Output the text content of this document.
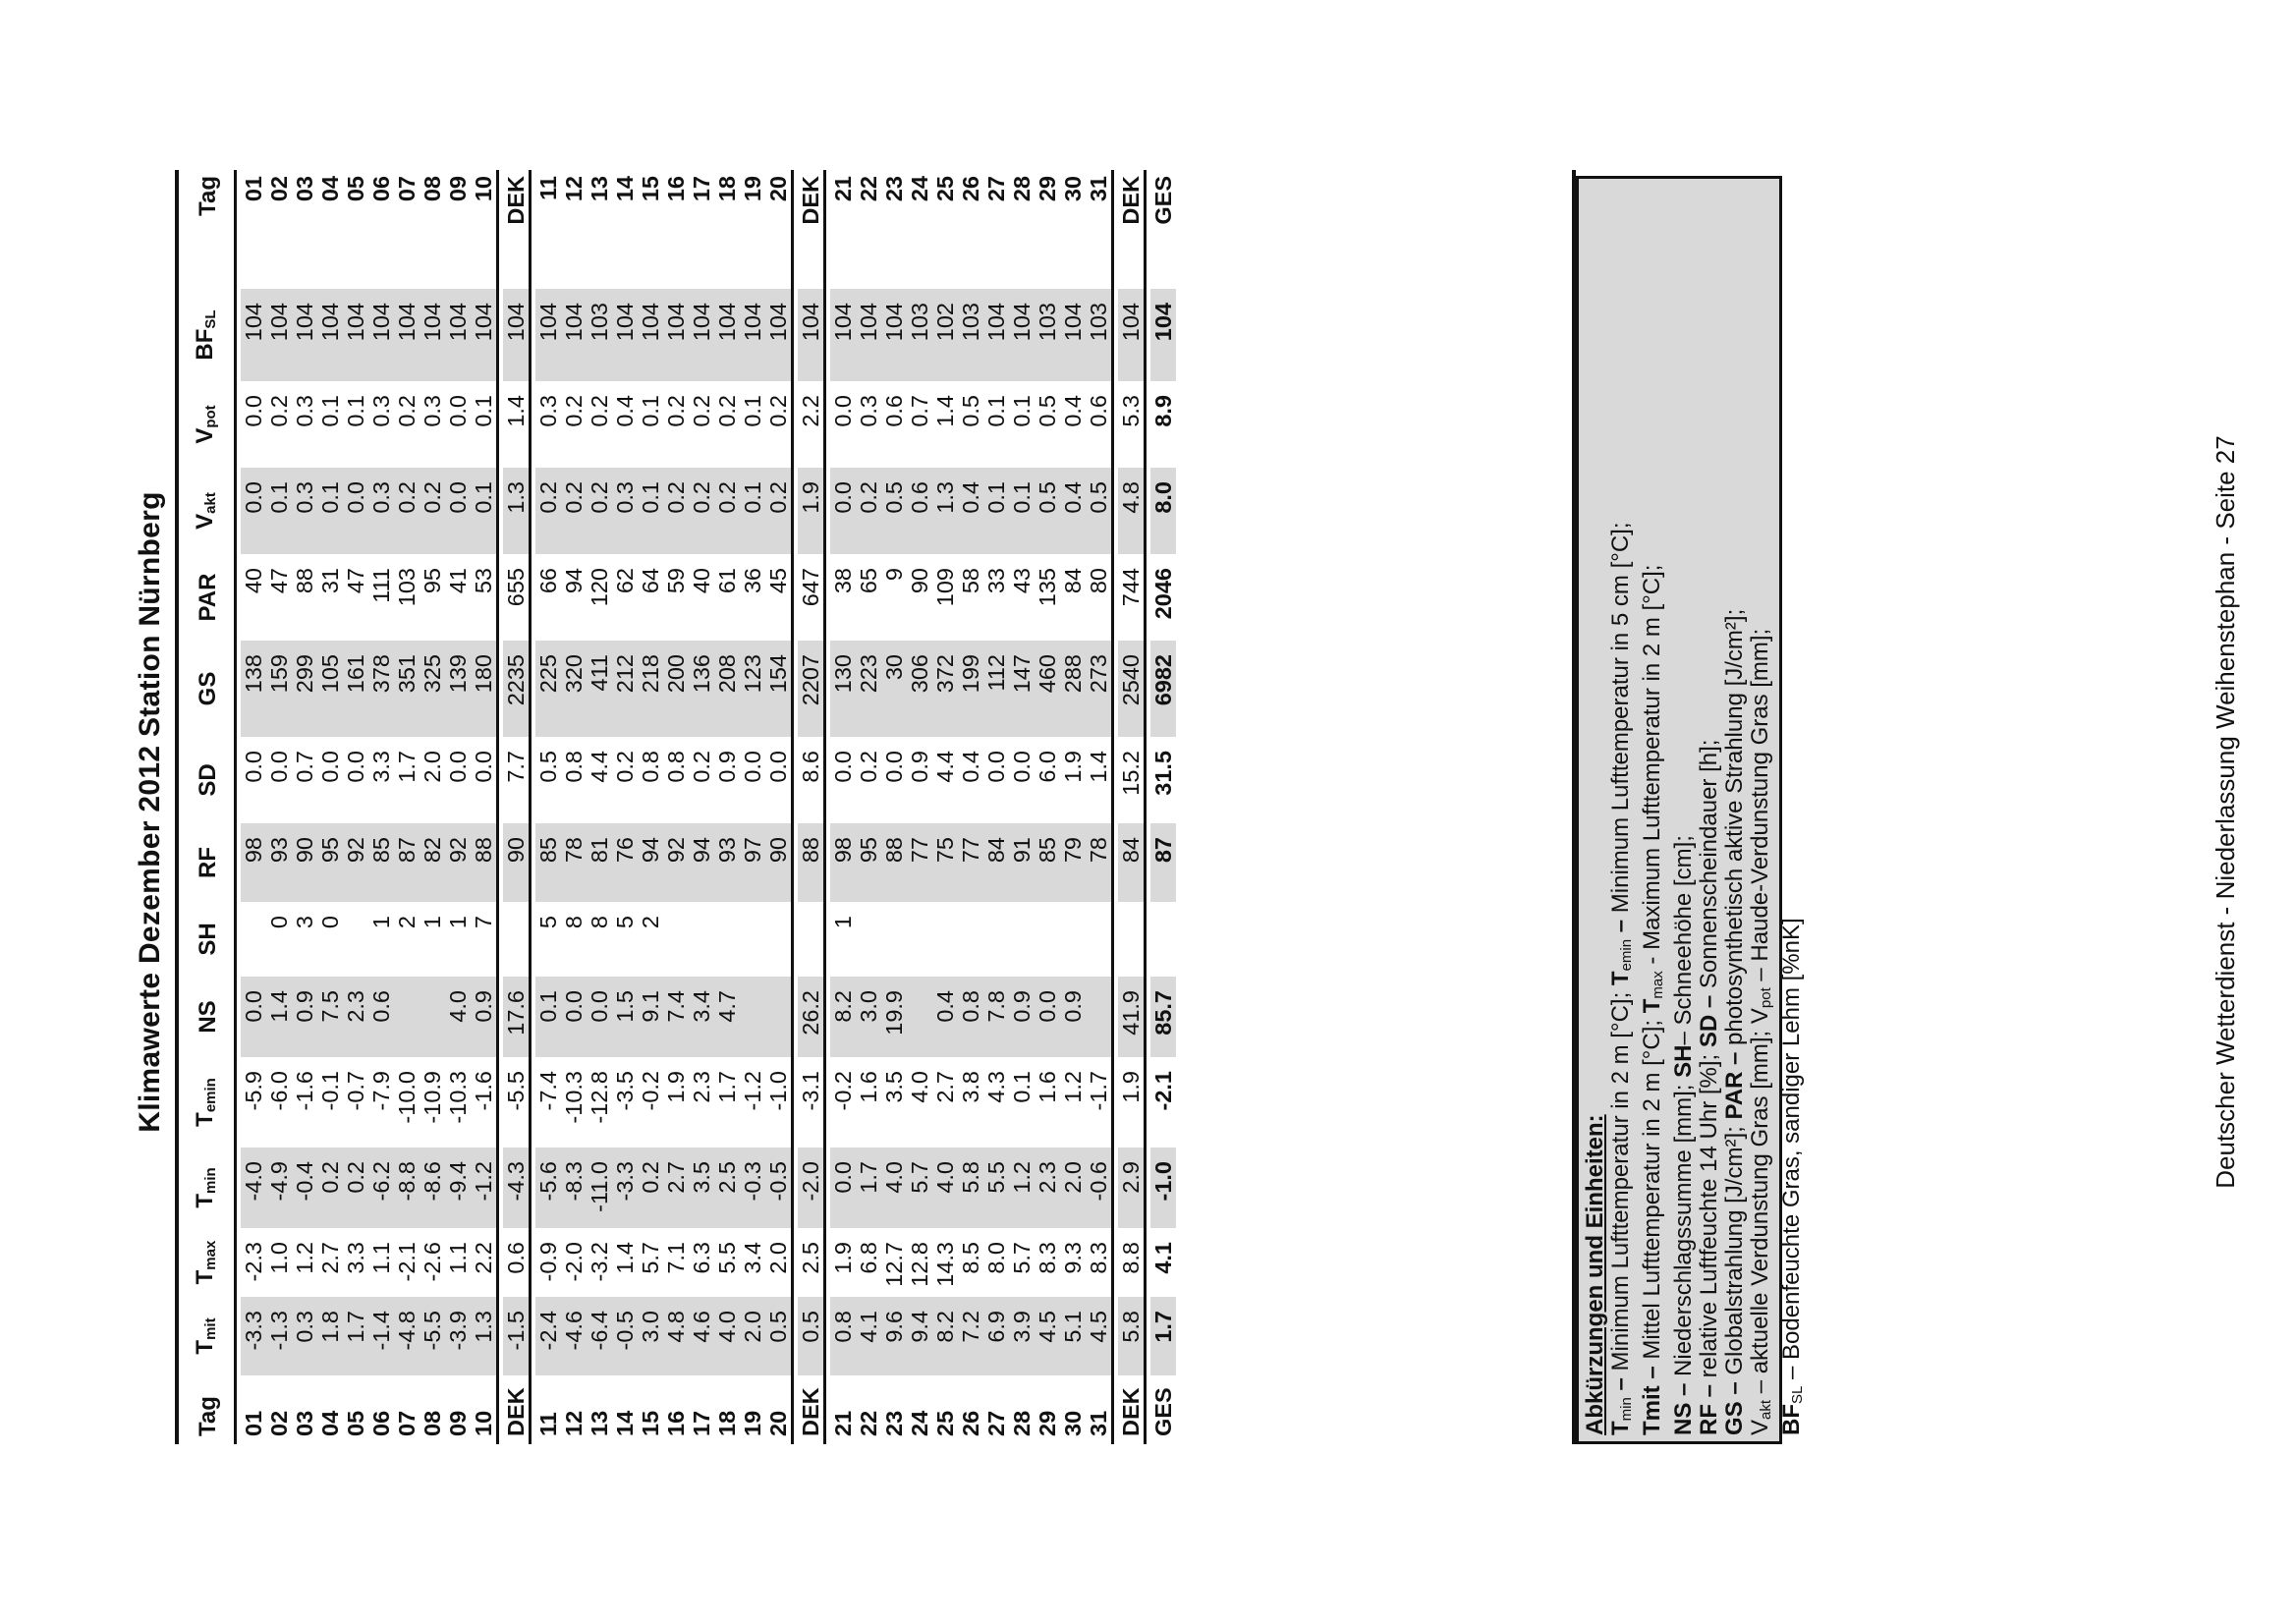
Klimawerte Dezember 2012 Station Nürnberg
Tag	$T_{mit}$	$T_{max}$	$T_{min}$	$T_{emin}$	NS	SH	RF	SD	GS	PAR	$V_{akt}$	$V_{pot}$	$BF_{SL}$	Tag

01	-3.3	-2.3	-4.0	-5.9	0.0		98	0.0	138	40	0.0	0.0	104	01
02	-1.3	1.0	-4.9	-6.0	1.4	0	93	0.0	159	47	0.1	0.2	104	02
03	0.3	1.2	-0.4	-1.6	0.9	3	90	0.7	299	88	0.3	0.3	104	03
04	1.8	2.7	0.2	-0.1	7.5	0	95	0.0	105	31	0.1	0.1	104	04
05	1.7	3.3	0.2	-0.7	2.3		92	0.0	161	47	0.0	0.1	104	05
06	-1.4	1.1	-6.2	-7.9	0.6	1	85	3.3	378	111	0.3	0.3	104	06
07	-4.8	-2.1	-8.8	-10.0		2	87	1.7	351	103	0.2	0.2	104	07
08	-5.5	-2.6	-8.6	-10.9		1	82	2.0	325	95	0.2	0.3	104	08
09	-3.9	1.1	-9.4	-10.3	4.0	1	92	0.0	139	41	0.0	0.0	104	09
10	1.3	2.2	-1.2	-1.6	0.9	7	88	0.0	180	53	0.1	0.1	104	10

DEK	-1.5	0.6	-4.3	-5.5	17.6		90	7.7	2235	655	1.3	1.4	104	DEK

11	-2.4	-0.9	-5.6	-7.4	0.1	5	85	0.5	225	66	0.2	0.3	104	11
12	-4.6	-2.0	-8.3	-10.3	0.0	8	78	0.8	320	94	0.2	0.2	104	12
13	-6.4	-3.2	-11.0	-12.8	0.0	8	81	4.4	411	120	0.2	0.2	103	13
14	-0.5	1.4	-3.3	-3.5	1.5	5	76	0.2	212	62	0.3	0.4	104	14
15	3.0	5.7	0.2	-0.2	9.1	2	94	0.8	218	64	0.1	0.1	104	15
16	4.8	7.1	2.7	1.9	7.4		92	0.8	200	59	0.2	0.2	104	16
17	4.6	6.3	3.5	2.3	3.4		94	0.2	136	40	0.2	0.2	104	17
18	4.0	5.5	2.5	1.7	4.7		93	0.9	208	61	0.2	0.2	104	18
19	2.0	3.4	-0.3	-1.2			97	0.0	123	36	0.1	0.1	104	19
20	0.5	2.0	-0.5	-1.0			90	0.0	154	45	0.2	0.2	104	20

DEK	0.5	2.5	-2.0	-3.1	26.2		88	8.6	2207	647	1.9	2.2	104	DEK

21	0.8	1.9	0.0	-0.2	8.2	1	98	0.0	130	38	0.0	0.0	104	21
22	4.1	6.8	1.7	1.6	3.0		95	0.2	223	65	0.2	0.3	104	22
23	9.6	12.7	4.0	3.5	19.9		88	0.0	30	9	0.5	0.6	104	23
24	9.4	12.8	5.7	4.0			77	0.9	306	90	0.6	0.7	103	24
25	8.2	14.3	4.0	2.7	0.4		75	4.4	372	109	1.3	1.4	102	25
26	7.2	8.5	5.8	3.8	0.8		77	0.4	199	58	0.4	0.5	103	26
27	6.9	8.0	5.5	4.3	7.8		84	0.0	112	33	0.1	0.1	104	27
28	3.9	5.7	1.2	0.1	0.9		91	0.0	147	43	0.1	0.1	104	28
29	4.5	8.3	2.3	1.6	0.0		85	6.0	460	135	0.5	0.5	103	29
30	5.1	9.3	2.0	1.2	0.9		79	1.9	288	84	0.4	0.4	104	30
31	4.5	8.3	-0.6	-1.7			78	1.4	273	80	0.5	0.6	103	31

DEK	5.8	8.8	2.9	1.9	41.9		84	15.2	2540	744	4.8	5.3	104	DEK

GES	1.7	4.1	-1.0	-2.1	85.7		87	31.5	6982	2046	8.0	8.9	104	GES
Abkürzungen und Einheiten: $T_{min}$ – Minimum Lufttemperatur in 2 m [°C]; $T_{emin}$ – Minimum Lufttemperatur in 5 cm [°C];
Tmit – Mittel Lufttemperatur in 2 m [°C]; $T_{max}$ - Maximum Lufttemperatur in 2 m [°C];
NS – Niederschlagssumme [mm]; SH– Schneehöhe [cm];
RF – relative Luftfeuchte 14 Uhr [%]; SD – Sonnenscheindauer [h];
GS – Globalstrahlung [J/cm²]; PAR – photosynthetisch aktive Strahlung [J/cm²];
$V_{akt}$ – aktuelle Verdunstung Gras [mm]; $V_{pot}$ – Haude-Verdunstung Gras [mm];
$BF_{SL}$ – Bodenfeuchte Gras, sandiger Lehm [%nK]	Deutscher Wetterdienst - Niederlassung Weihenstephan - Seite 27
